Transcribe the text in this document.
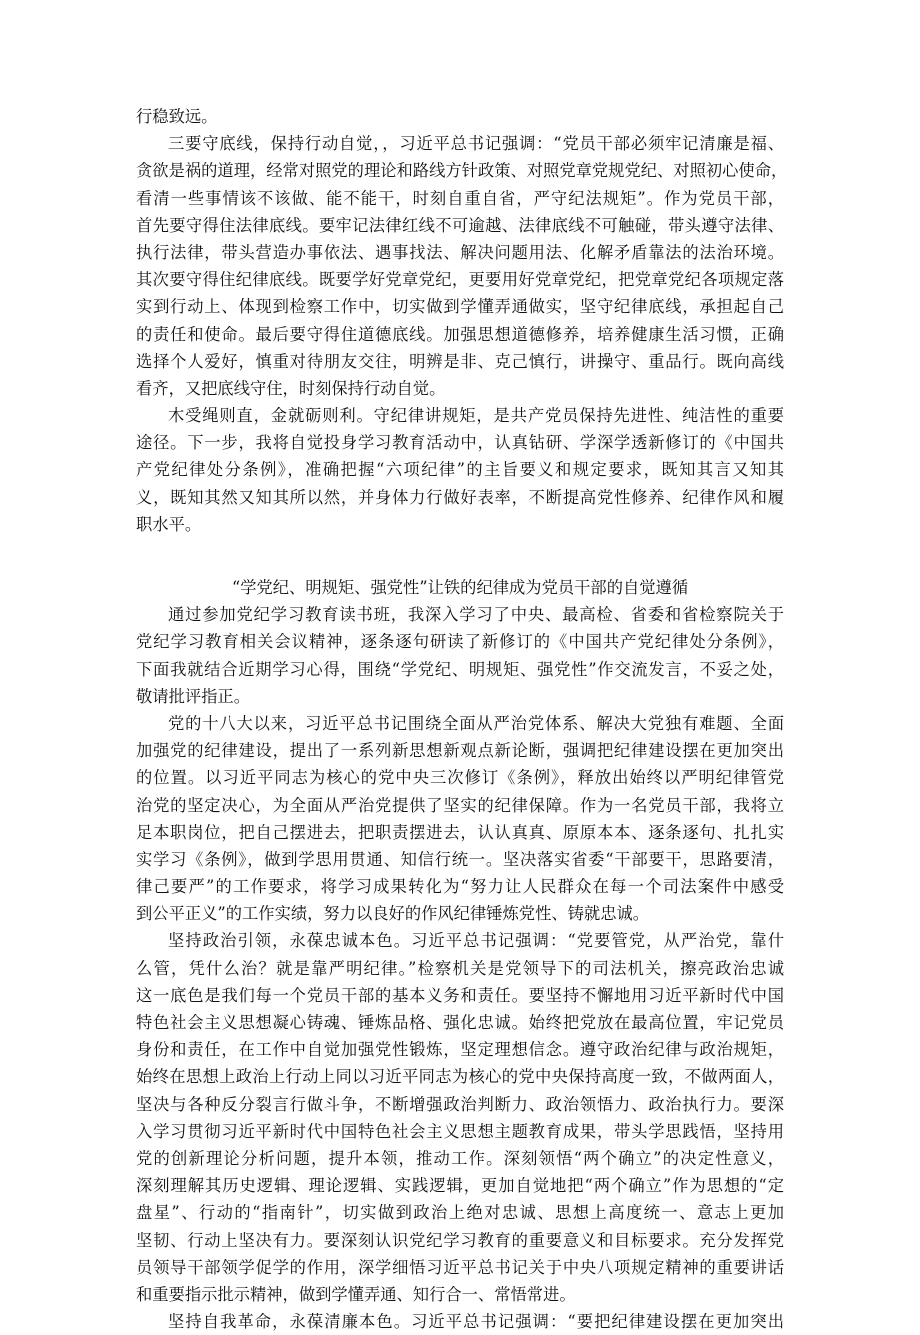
行稳致远。
三要守底线，保持行动自觉，，习近平总书记强调：“党员干部必须牢记清廉是福、
贪欲是祸的道理，经常对照党的理论和路线方针政策、对照党章党规党纪、对照初心使命，
看清一些事情该不该做、能不能干，时刻自重自省，严守纪法规矩”。作为党员干部，
首先要守得住法律底线。要牢记法律红线不可逾越、法律底线不可触碰，带头遵守法律、
执行法律，带头营造办事依法、遇事找法、解决问题用法、化解矛盾靠法的法治环境。
其次要守得住纪律底线。既要学好党章党纪，更要用好党章党纪，把党章党纪各项规定落
实到行动上、体现到检察工作中，切实做到学懂弄通做实，坚守纪律底线，承担起自己
的责任和使命。最后要守得住道德底线。加强思想道德修养，培养健康生活习惯，正确
选择个人爱好，慎重对待朋友交往，明辨是非、克己慎行，讲操守、重品行。既向高线
看齐，又把底线守住，时刻保持行动自觉。
木受绳则直，金就砺则利。守纪律讲规矩，是共产党员保持先进性、纯洁性的重要
途径。下一步，我将自觉投身学习教育活动中，认真钻研、学深学透新修订的《中国共
产党纪律处分条例》，准确把握“六项纪律”的主旨要义和规定要求，既知其言又知其
义，既知其然又知其所以然，并身体力行做好表率，不断提高党性修养、纪律作风和履
职水平。
“学党纪、明规矩、强党性”让铁的纪律成为党员干部的自觉遵循
通过参加党纪学习教育读书班，我深入学习了中央、最高检、省委和省检察院关于
党纪学习教育相关会议精神，逐条逐句研读了新修订的《中国共产党纪律处分条例》，
下面我就结合近期学习心得，围绕“学党纪、明规矩、强党性”作交流发言，不妥之处，
敬请批评指正。
党的十八大以来，习近平总书记围绕全面从严治党体系、解决大党独有难题、全面
加强党的纪律建设，提出了一系列新思想新观点新论断，强调把纪律建设摆在更加突出
的位置。以习近平同志为核心的党中央三次修订《条例》，释放出始终以严明纪律管党
治党的坚定决心，为全面从严治党提供了坚实的纪律保障。作为一名党员干部，我将立
足本职岗位，把自己摆进去，把职责摆进去，认认真真、原原本本、逐条逐句、扎扎实
实学习《条例》，做到学思用贯通、知信行统一。坚决落实省委“干部要干，思路要清，
律己要严”的工作要求，将学习成果转化为“努力让人民群众在每一个司法案件中感受
到公平正义”的工作实绩，努力以良好的作风纪律锤炼党性、铸就忠诚。
坚持政治引领，永葆忠诚本色。习近平总书记强调：“党要管党，从严治党，靠什
么管，凭什么治？就是靠严明纪律。”检察机关是党领导下的司法机关，擦亮政治忠诚
这一底色是我们每一个党员干部的基本义务和责任。要坚持不懈地用习近平新时代中国
特色社会主义思想凝心铸魂、锤炼品格、强化忠诚。始终把党放在最高位置，牢记党员
身份和责任，在工作中自觉加强党性锻炼，坚定理想信念。遵守政治纪律与政治规矩，
始终在思想上政治上行动上同以习近平同志为核心的党中央保持高度一致，不做两面人，
坚决与各种反分裂言行做斗争，不断增强政治判断力、政治领悟力、政治执行力。要深
入学习贯彻习近平新时代中国特色社会主义思想主题教育成果，带头学思践悟，坚持用
党的创新理论分析问题，提升本领，推动工作。深刻领悟“两个确立”的决定性意义，
深刻理解其历史逻辑、理论逻辑、实践逻辑，更加自觉地把“两个确立”作为思想的“定
盘星”、行动的“指南针”，切实做到政治上绝对忠诚、思想上高度统一、意志上更加
坚韧、行动上坚决有力。要深刻认识党纪学习教育的重要意义和目标要求。充分发挥党
员领导干部领学促学的作用，深学细悟习近平总书记关于中央八项规定精神的重要讲话
和重要指示批示精神，做到学懂弄通、知行合一、常悟常进。
坚持自我革命，永葆清廉本色。习近平总书记强调：“要把纪律建设摆在更加突出
